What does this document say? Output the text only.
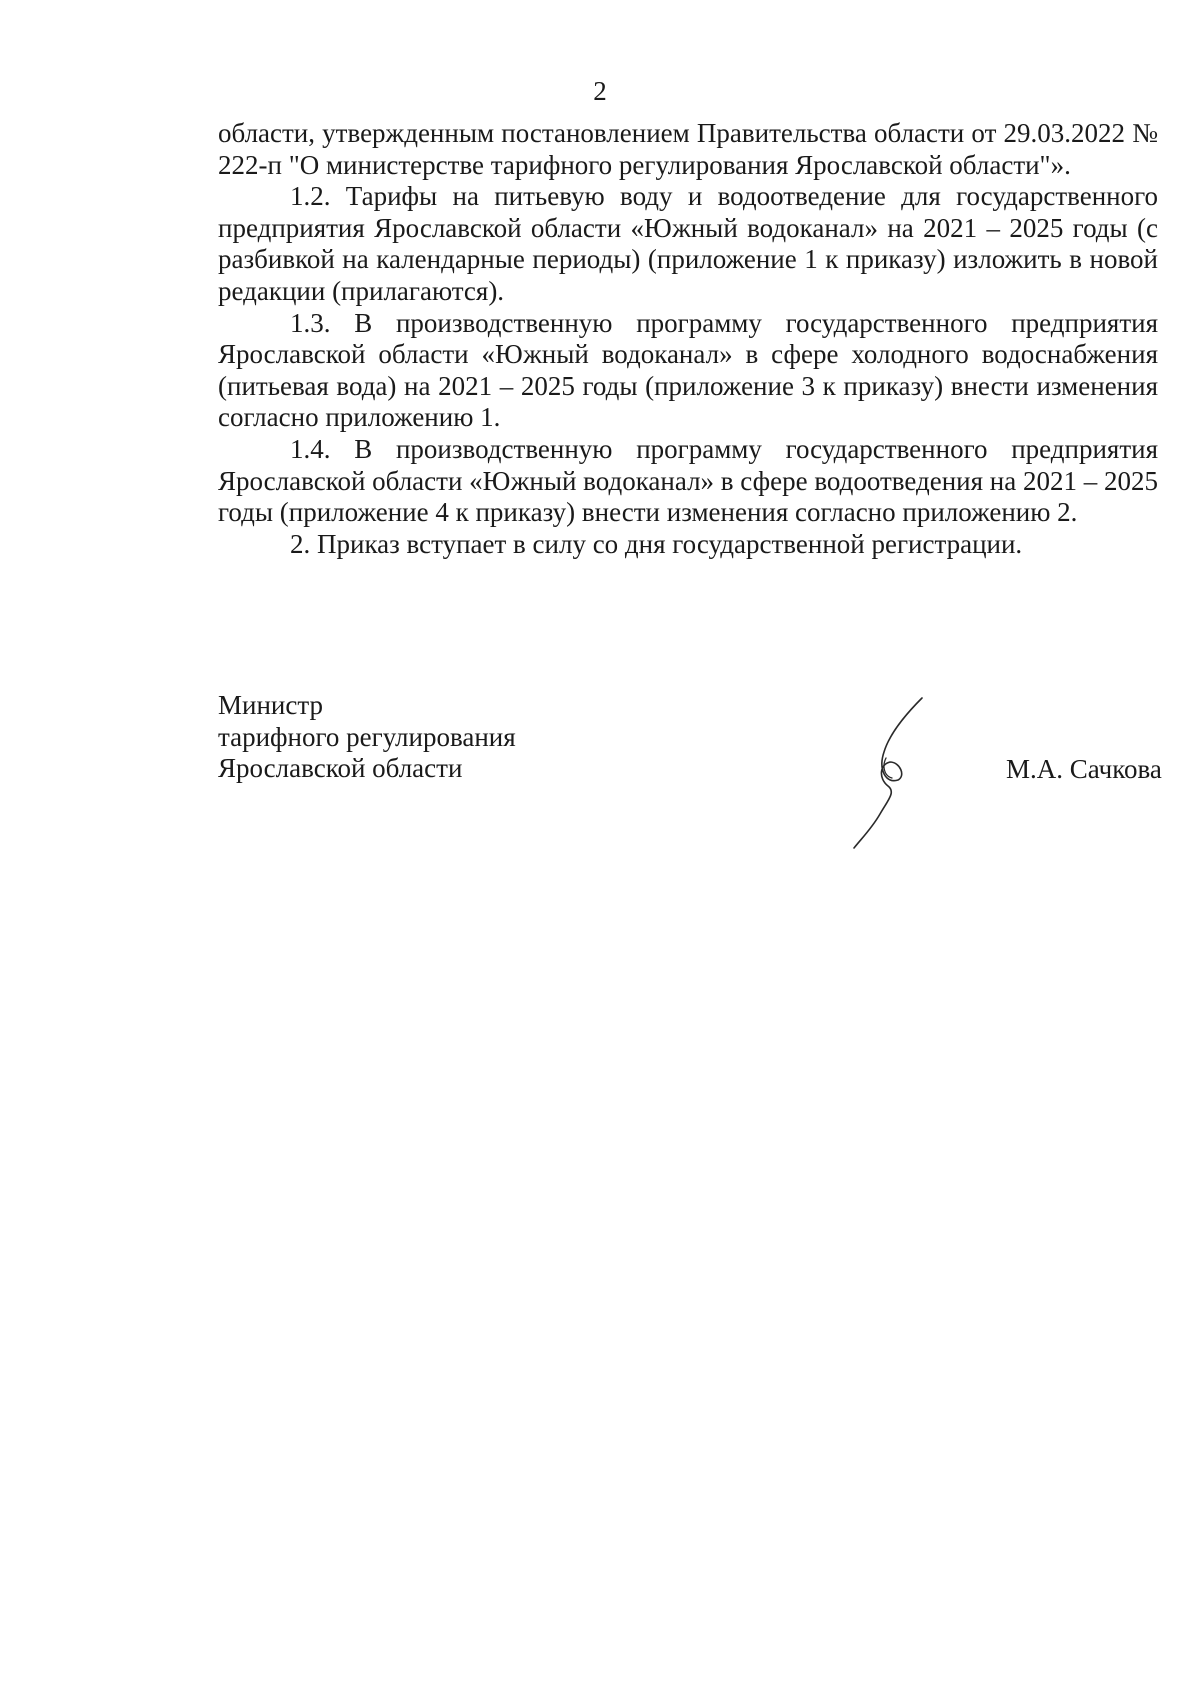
2

области, утвержденным постановлением Правительства области от 29.03.2022 № 222-п "О министерстве тарифного регулирования Ярославской области"».

1.2. Тарифы на питьевую воду и водоотведение для государственного предприятия Ярославской области «Южный водоканал» на 2021 – 2025 годы (с разбивкой на календарные периоды) (приложение 1 к приказу) изложить в новой редакции (прилагаются).

1.3. В производственную программу государственного предприятия Ярославской области «Южный водоканал» в сфере холодного водоснабжения (питьевая вода) на 2021 – 2025 годы (приложение 3 к приказу) внести изменения согласно приложению 1.

1.4. В производственную программу государственного предприятия Ярославской области «Южный водоканал» в сфере водоотведения на 2021 – 2025 годы (приложение 4 к приказу) внести изменения согласно приложению 2.

2. Приказ вступает в силу со дня государственной регистрации.

Министр
тарифного регулирования
Ярославской области	М.А. Сачкова
